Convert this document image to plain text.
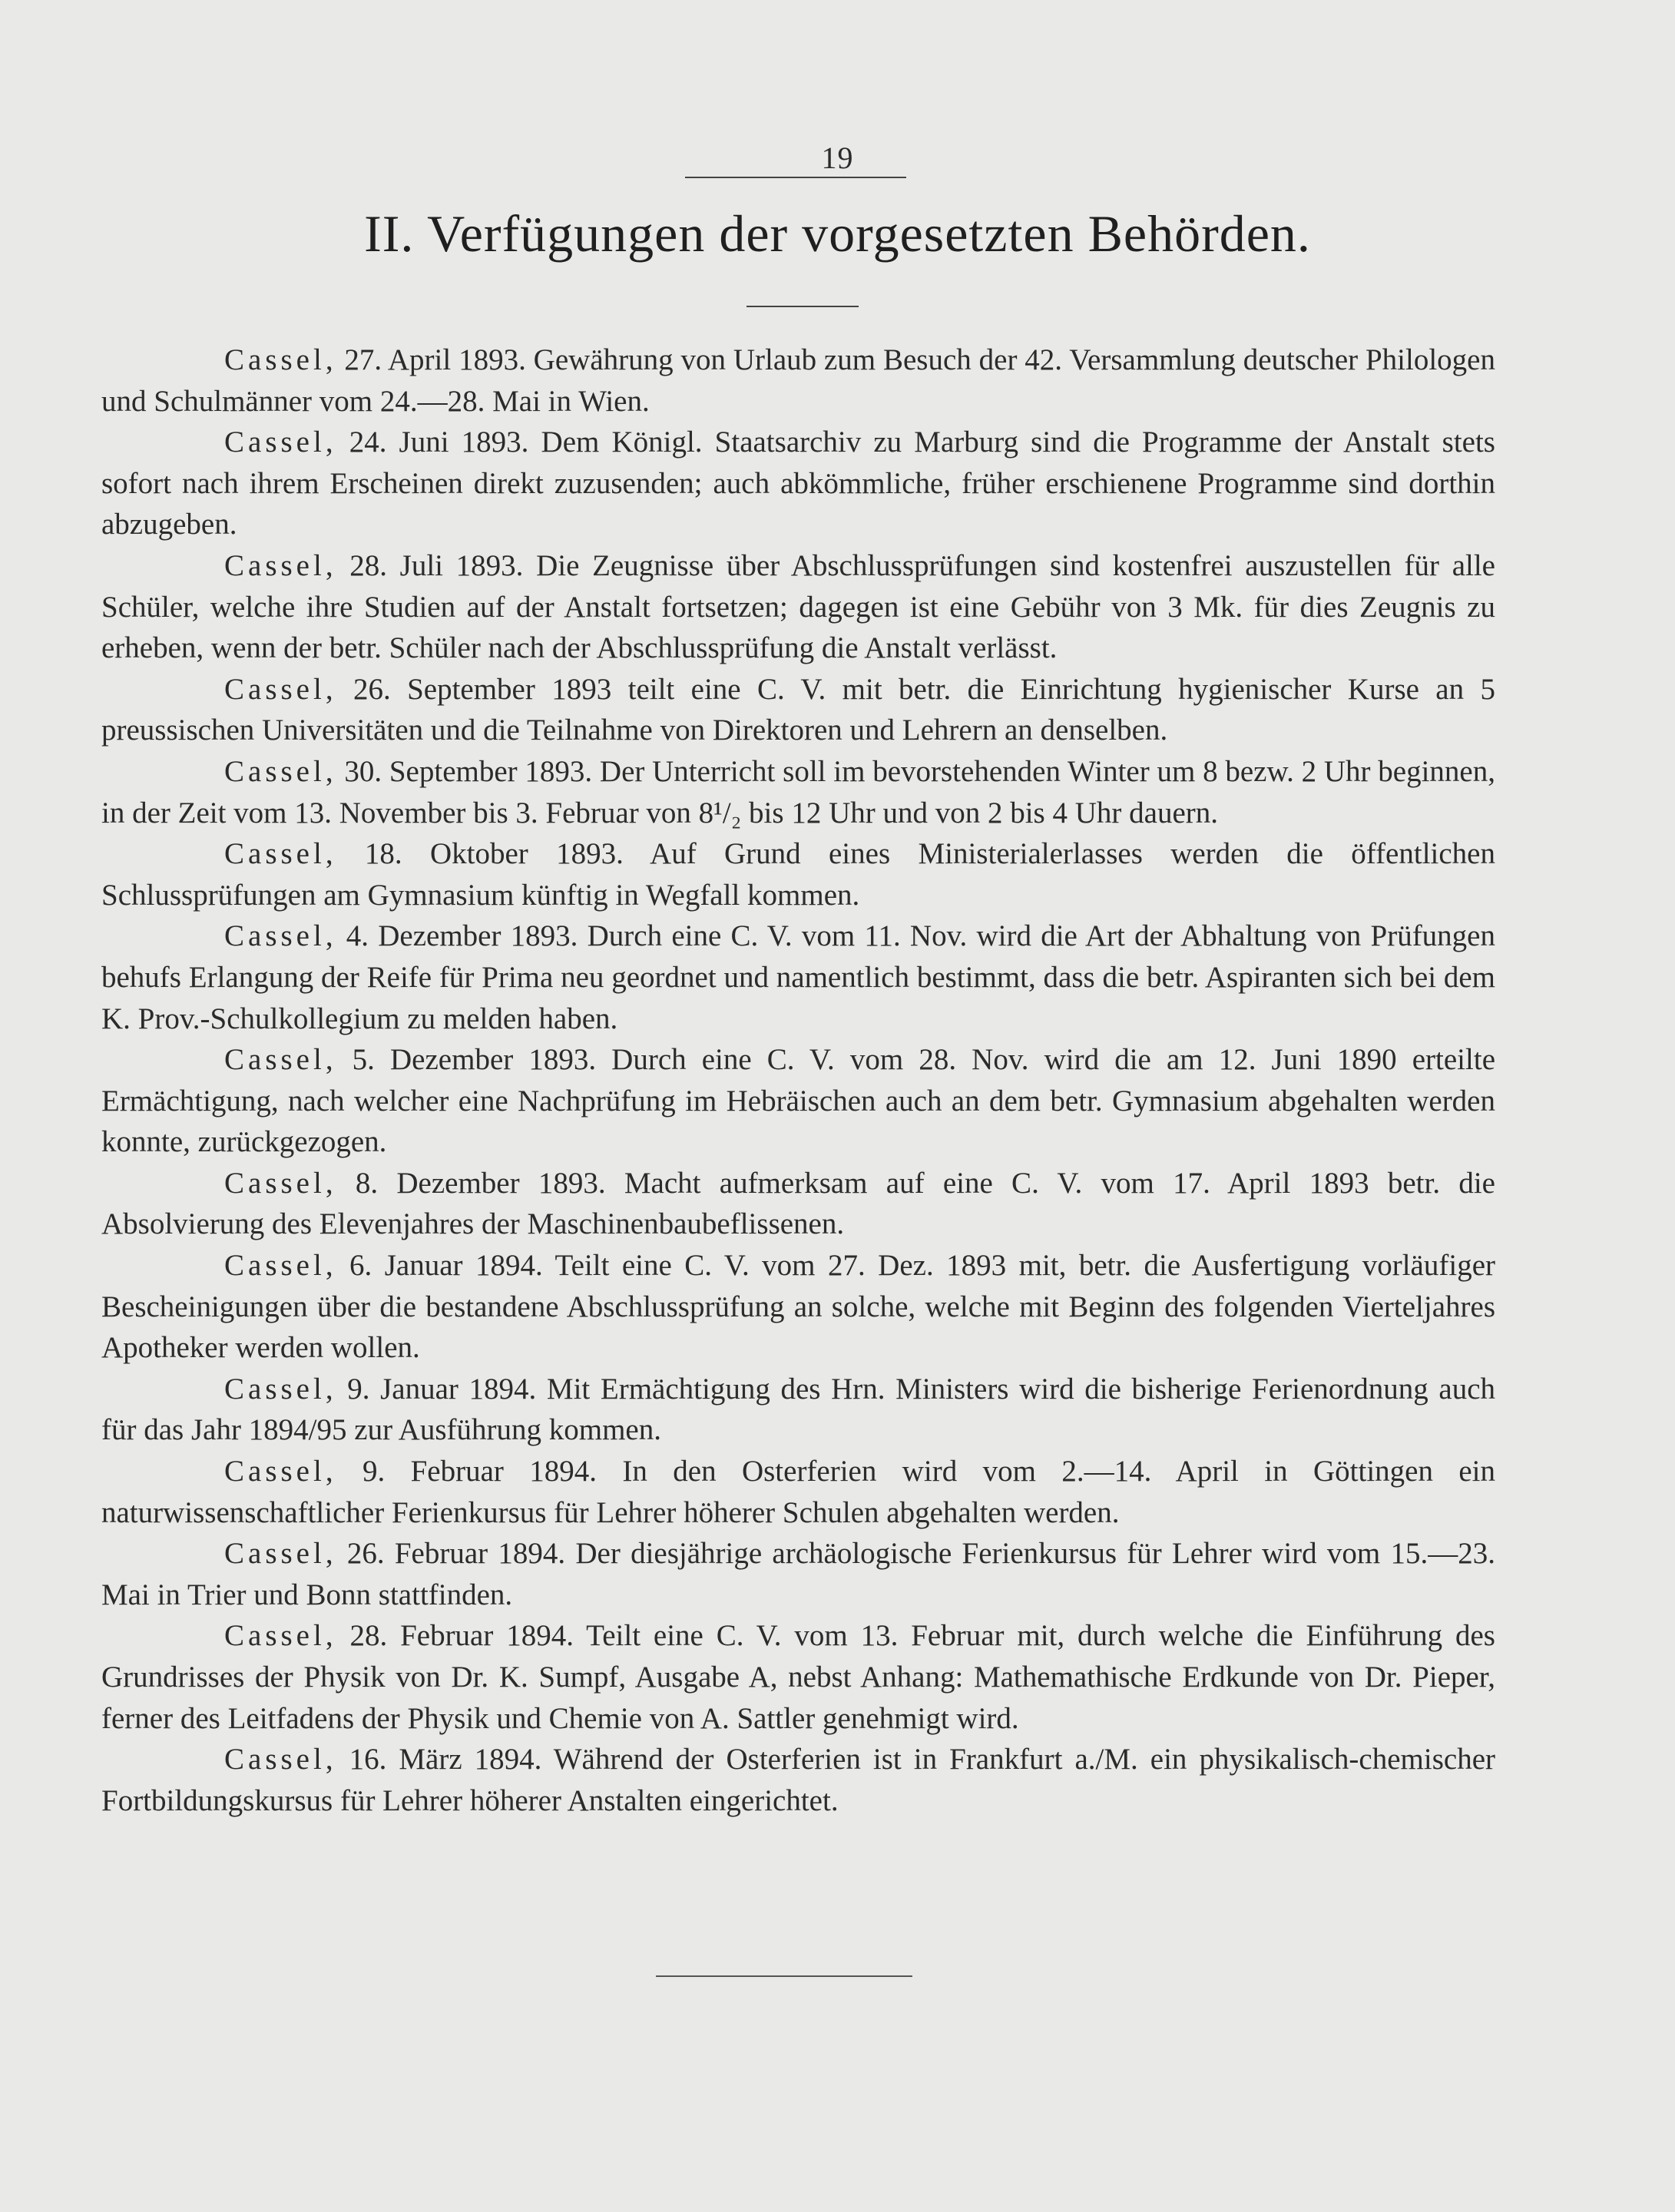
19
II. Verfügungen der vorgesetzten Behörden.

Cassel, 27. April 1893. Gewährung von Urlaub zum Besuch der 42. Versammlung deutscher Philologen und Schulmänner vom 24.—28. Mai in Wien.

Cassel, 24. Juni 1893. Dem Königl. Staatsarchiv zu Marburg sind die Programme der Anstalt stets sofort nach ihrem Erscheinen direkt zuzusenden; auch abkömmliche, früher erschienene Programme sind dorthin abzugeben.

Cassel, 28. Juli 1893. Die Zeugnisse über Abschlussprüfungen sind kostenfrei auszustellen für alle Schüler, welche ihre Studien auf der Anstalt fortsetzen; dagegen ist eine Gebühr von 3 Mk. für dies Zeugnis zu erheben, wenn der betr. Schüler nach der Abschlussprüfung die Anstalt verlässt.

Cassel, 26. September 1893 teilt eine C. V. mit betr. die Einrichtung hygienischer Kurse an 5 preussischen Universitäten und die Teilnahme von Direktoren und Lehrern an denselben.

Cassel, 30. September 1893. Der Unterricht soll im bevorstehenden Winter um 8 bezw. 2 Uhr beginnen, in der Zeit vom 13. November bis 3. Februar von 8¹/₂ bis 12 Uhr und von 2 bis 4 Uhr dauern.

Cassel, 18. Oktober 1893. Auf Grund eines Ministerialerlasses werden die öffentlichen Schlussprüfungen am Gymnasium künftig in Wegfall kommen.

Cassel, 4. Dezember 1893. Durch eine C. V. vom 11. Nov. wird die Art der Abhaltung von Prüfungen behufs Erlangung der Reife für Prima neu geordnet und namentlich bestimmt, dass die betr. Aspiranten sich bei dem K. Prov.-Schulkollegium zu melden haben.

Cassel, 5. Dezember 1893. Durch eine C. V. vom 28. Nov. wird die am 12. Juni 1890 erteilte Ermächtigung, nach welcher eine Nachprüfung im Hebräischen auch an dem betr. Gymnasium abgehalten werden konnte, zurückgezogen.

Cassel, 8. Dezember 1893. Macht aufmerksam auf eine C. V. vom 17. April 1893 betr. die Absolvierung des Elevenjahres der Maschinenbaubeflissenen.

Cassel, 6. Januar 1894. Teilt eine C. V. vom 27. Dez. 1893 mit, betr. die Ausfertigung vorläufiger Bescheinigungen über die bestandene Abschlussprüfung an solche, welche mit Beginn des folgenden Vierteljahres Apotheker werden wollen.

Cassel, 9. Januar 1894. Mit Ermächtigung des Hrn. Ministers wird die bisherige Ferienordnung auch für das Jahr 1894/95 zur Ausführung kommen.

Cassel, 9. Februar 1894. In den Osterferien wird vom 2.—14. April in Göttingen ein naturwissenschaftlicher Ferienkursus für Lehrer höherer Schulen abgehalten werden.

Cassel, 26. Februar 1894. Der diesjährige archäologische Ferienkursus für Lehrer wird vom 15.—23. Mai in Trier und Bonn stattfinden.

Cassel, 28. Februar 1894. Teilt eine C. V. vom 13. Februar mit, durch welche die Einführung des Grundrisses der Physik von Dr. K. Sumpf, Ausgabe A, nebst Anhang: Mathemathische Erdkunde von Dr. Pieper, ferner des Leitfadens der Physik und Chemie von A. Sattler genehmigt wird.

Cassel, 16. März 1894. Während der Osterferien ist in Frankfurt a./M. ein physikalisch-chemischer Fortbildungskursus für Lehrer höherer Anstalten eingerichtet.
